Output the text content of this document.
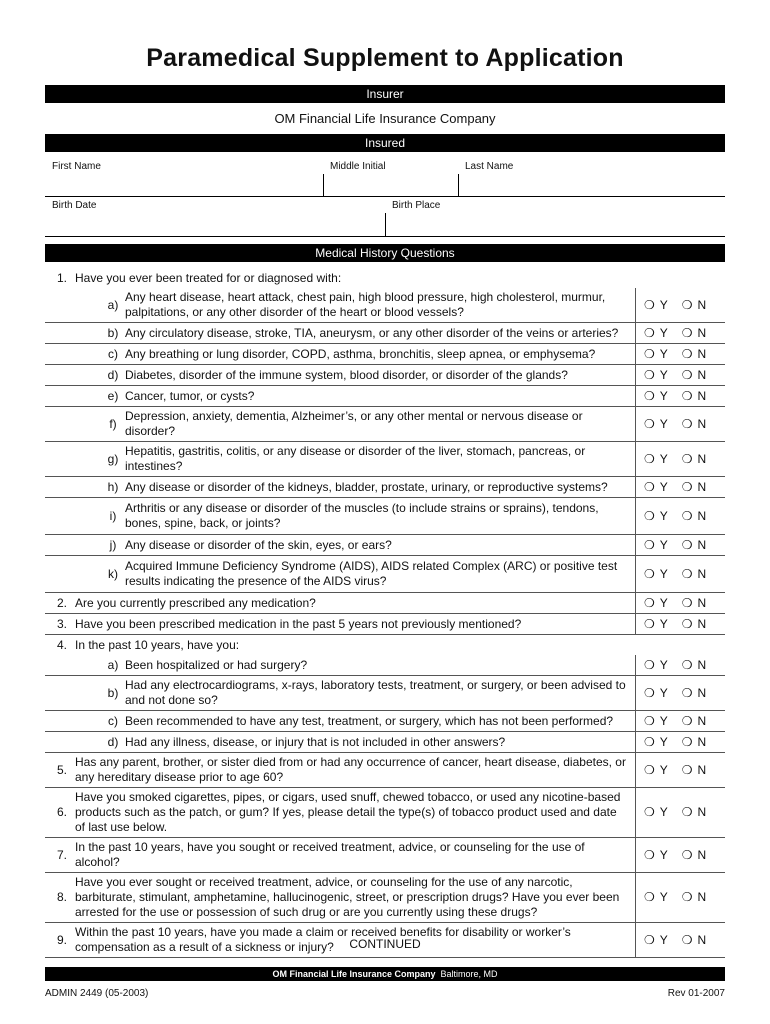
Paramedical Supplement to Application
Insurer
OM Financial Life Insurance Company
Insured
First Name	Middle Initial	Last Name
Birth Date	Birth Place
Medical History Questions
1. Have you ever been treated for or diagnosed with:
a)
Any heart disease, heart attack, chest pain, high blood pressure, high cholesterol, murmur, palpitations, or any other disorder of the heart or blood vessels?
❍ Y ❍ N
b) Any circulatory disease, stroke, TIA, aneurysm, or any other disorder of the veins or arteries?	❍ Y ❍ N
c) Any breathing or lung disorder, COPD, asthma, bronchitis, sleep apnea, or emphysema?	❍ Y ❍ N
d) Diabetes, disorder of the immune system, blood disorder, or disorder of the glands?	❍ Y ❍ N
e) Cancer, tumor, or cysts?	❍ Y ❍ N
f)
Depression, anxiety, dementia, Alzheimer’s, or any other mental or nervous disease or disorder?
❍ Y ❍ N
g)
Hepatitis, gastritis, colitis, or any disease or disorder of the liver, stomach, pancreas, or intestines?
❍ Y ❍ N
h) Any disease or disorder of the kidneys, bladder, prostate, urinary, or reproductive systems?	❍ Y ❍ N
i)
Arthritis or any disease or disorder of the muscles (to include strains or sprains), tendons, bones, spine, back, or joints?
❍ Y ❍ N
j) Any disease or disorder of the skin, eyes, or ears?	❍ Y ❍ N
k)
Acquired Immune Deficiency Syndrome (AIDS), AIDS related Complex (ARC) or positive test results indicating the presence of the AIDS virus?
❍ Y ❍ N
2. Are you currently prescribed any medication?	❍ Y ❍ N
3. Have you been prescribed medication in the past 5 years not previously mentioned?	❍ Y ❍ N
4. In the past 10 years, have you:
a) Been hospitalized or had surgery?	❍ Y ❍ N
b)
Had any electrocardiograms, x-rays, laboratory tests, treatment, or surgery, or been advised to and not done so?
❍ Y ❍ N
c) Been recommended to have any test, treatment, or surgery, which has not been performed?	❍ Y ❍ N
d) Had any illness, disease, or injury that is not included in other answers?	❍ Y ❍ N
5.
Has any parent, brother, or sister died from or had any occurrence of cancer, heart disease, diabetes, or any hereditary disease prior to age 60?
❍ Y ❍ N
6.
Have you smoked cigarettes, pipes, or cigars, used snuff, chewed tobacco, or used any nicotine-based products such as the patch, or gum? If yes, please detail the type(s) of tobacco product used and date of last use below.
❍ Y ❍ N
7.
In the past 10 years, have you sought or received treatment, advice, or counseling for the use of alcohol?
❍ Y ❍ N
8.
Have you ever sought or received treatment, advice, or counseling for the use of any narcotic, barbiturate, stimulant, amphetamine, hallucinogenic, street, or prescription drugs? Have you ever been arrested for the use or possession of such drug or are you currently using these drugs?
❍ Y ❍ N
9.
Within the past 10 years, have you made a claim or received benefits for disability or worker’s compensation as a result of a sickness or injury?
❍ Y ❍ N
CONTINUED
OM Financial Life Insurance Company Baltimore, MD
ADMIN 2449 (05-2003)	Rev 01-2007
